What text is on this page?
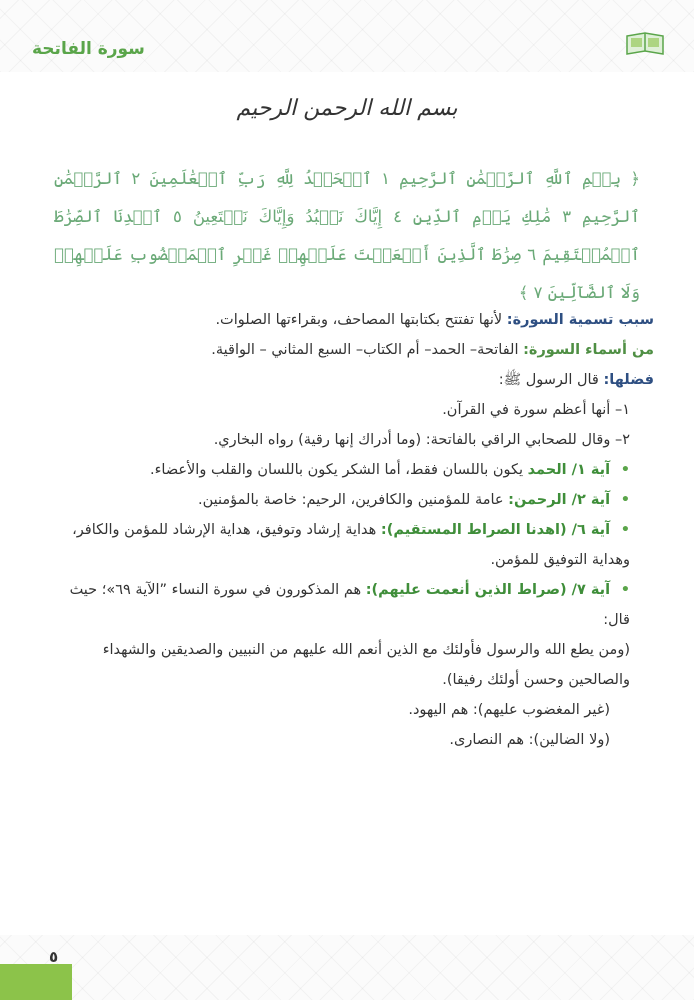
سورة الفاتحة
بسم الله الرحمن الرحيم
﴿ بِسۡمِ ٱللَّهِ ٱلرَّحۡمَٰنِ ٱلرَّحِيمِ ١ ٱلۡحَمۡدُ لِلَّهِ رَبِّ ٱلۡعَٰلَمِينَ ٢ ٱلرَّحۡمَٰنِ ٱلرَّحِيمِ ٣ مَٰلِكِ يَوۡمِ ٱلدِّينِ ٤ إِيَّاكَ نَعۡبُدُ وَإِيَّاكَ نَسۡتَعِينُ ٥ ٱهۡدِنَا ٱلصِّرَٰطَ ٱلۡمُسۡتَقِيمَ ٦ صِرَٰطَ ٱلَّذِينَ أَنۡعَمۡتَ عَلَيۡهِمۡ غَيۡرِ ٱلۡمَغۡضُوبِ عَلَيۡهِمۡ وَلَا ٱلضَّآلِّينَ ٧ ﴾

سبب تسمية السورة: لأنها تفتتح بكتابتها المصاحف، وبقراءتها الصلوات.

من أسماء السورة: الفاتحة– الحمد– أم الكتاب– السبع المثاني – الواقية.

فضلها: قال الرسول ﷺ:

١– أنها أعظم سورة في القرآن.

٢– وقال للصحابي الراقي بالفاتحة: (وما أدراك إنها رقية) رواه البخاري.

• آية ١/ الحمد يكون باللسان فقط، أما الشكر يكون باللسان والقلب والأعضاء.

• آية ٢/ الرحمن: عامة للمؤمنين والكافرين، الرحيم: خاصة بالمؤمنين.

• آية ٦/ (اهدنا الصراط المستقيم): هداية إرشاد وتوفيق، هداية الإرشاد للمؤمن والكافر، وهداية التوفيق للمؤمن.

• آية ٧/ (صراط الذين أنعمت عليهم): هم المذكورون في سورة النساء ”الآية ٦٩»؛ حيث قال:

(ومن يطع الله والرسول فأولئك مع الذين أنعم الله عليهم من النبيين والصديقين والشهداء والصالحين وحسن أولئك رفيقا).

(غير المغضوب عليهم): هم اليهود.

(ولا الضالين): هم النصارى.

٥
